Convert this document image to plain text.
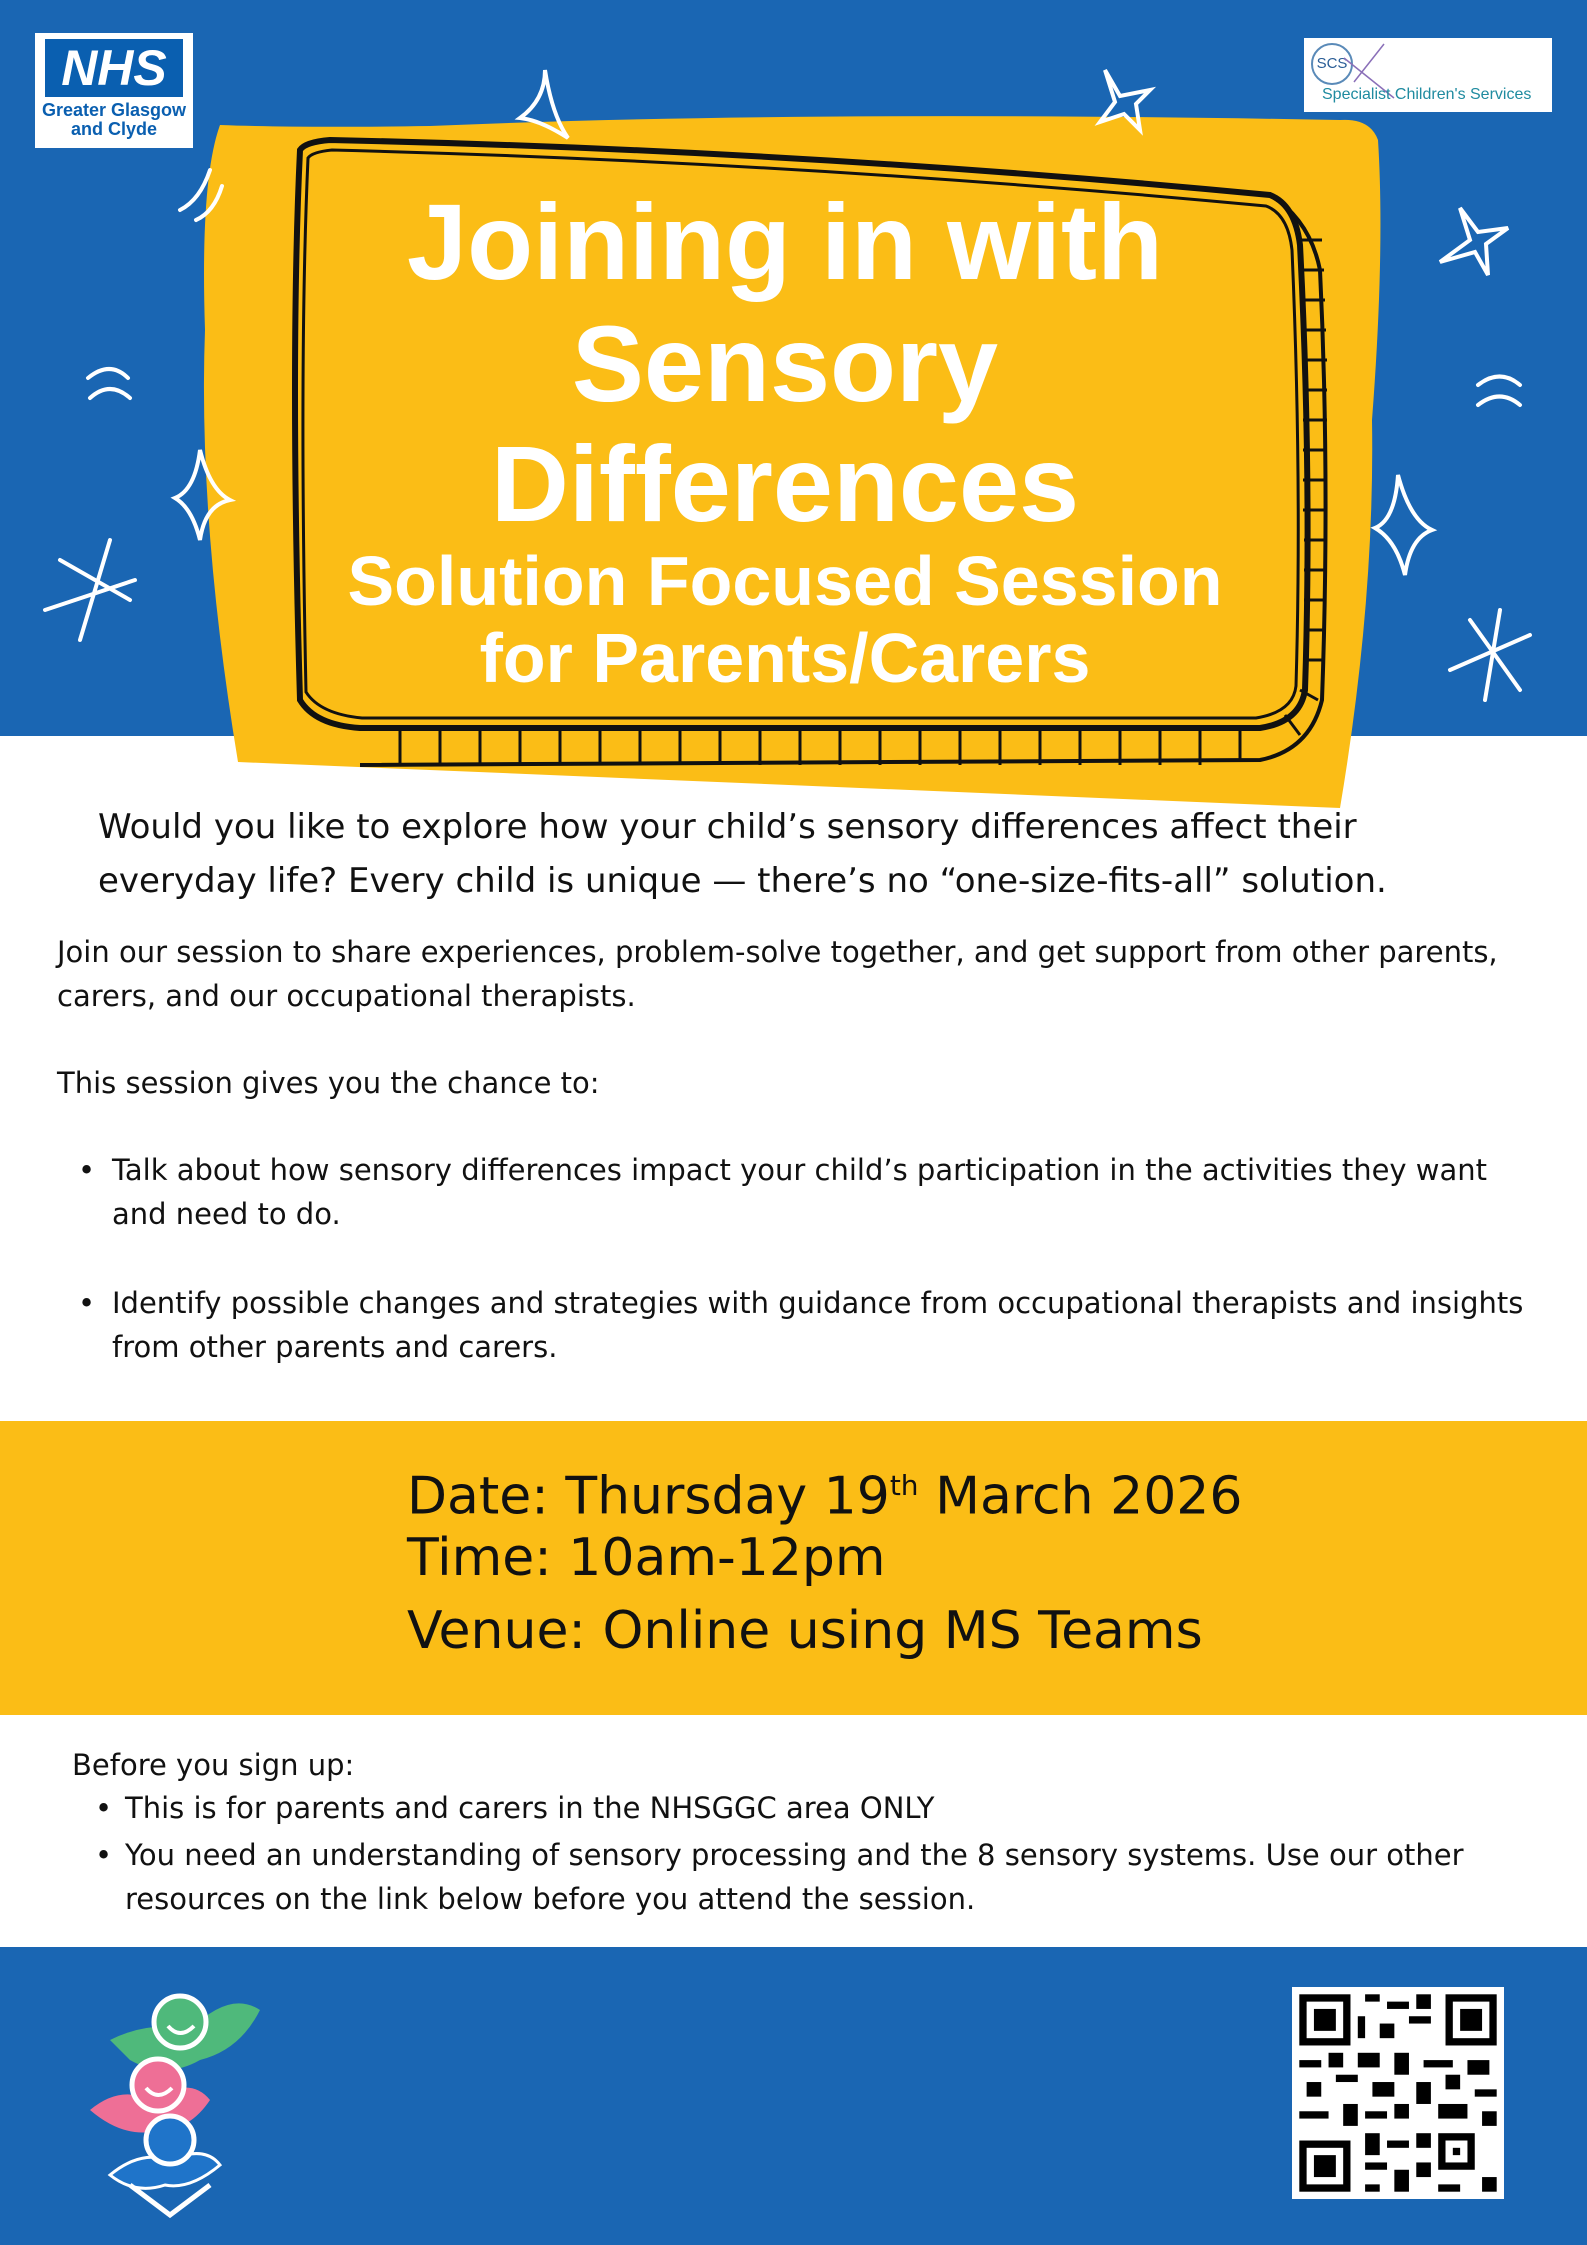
NHS
Greater Glasgow
and Clyde
SCS
Specialist Children's Services
Joining in with
Sensory
Differences
Solution Focused Session
for Parents/Carers
Would you like to explore how your child’s sensory differences affect their everyday life? Every child is unique — there’s no “one-size-fits-all” solution.
Join our session to share experiences, problem-solve together, and get support from other parents, carers, and our occupational therapists.
This session gives you the chance to:
• Talk about how sensory differences impact your child’s participation in the activities they want and need to do.
• Identify possible changes and strategies with guidance from occupational therapists and insights from other parents and carers.
Date: Thursday 19th March 2026
Time: 10am-12pm
Venue: Online using MS Teams
Before you sign up:
• This is for parents and carers in the NHSGGC area ONLY
• You need an understanding of sensory processing and the 8 sensory systems. Use our other resources on the link below before you attend the session.
